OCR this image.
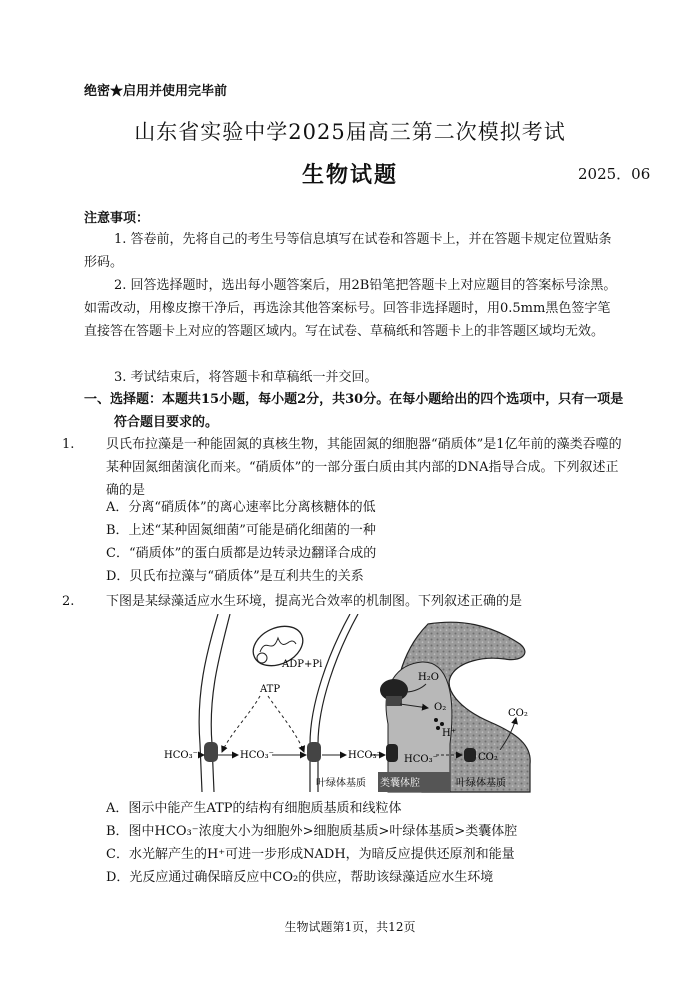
绝密★启用并使用完毕前
山东省实验中学2025届高三第二次模拟考试
生物试题	2025．06
注意事项：
1. 答卷前，先将自己的考生号等信息填写在试卷和答题卡上，并在答题卡规定位置贴条形码。
2. 回答选择题时，选出每小题答案后，用2B铅笔把答题卡上对应题目的答案标号涂黑。如需改动，用橡皮擦干净后，再选涂其他答案标号。回答非选择题时，用0.5mm黑色签字笔直接答在答题卡上对应的答题区域内。写在试卷、草稿纸和答题卡上的非答题区域均无效。
3. 考试结束后，将答题卡和草稿纸一并交回。
一、选择题：本题共15小题，每小题2分，共30分。在每小题给出的四个选项中，只有一项是符合题目要求的。
1. 贝氏布拉藻是一种能固氮的真核生物，其能固氮的细胞器“硝质体”是1亿年前的藻类吞噬的某种固氮细菌演化而来。“硝质体”的一部分蛋白质由其内部的DNA指导合成。下列叙述正确的是
A．分离“硝质体”的离心速率比分离核糖体的低
B．上述“某种固氮细菌”可能是硝化细菌的一种
C．“硝质体”的蛋白质都是边转录边翻译合成的
D．贝氏布拉藻与“硝质体”是互利共生的关系
2. 下图是某绿藻适应水生环境，提高光合效率的机制图。下列叙述正确的是
ADP+Pi
ATP
H₂O
O₂
H⁺
HCO₃⁻	HCO₃⁻	HCO₃⁻ HCO₃⁻	CO₂
CO₂
叶绿体基质 类囊体腔	叶绿体基质
A．图示中能产生ATP的结构有细胞质基质和线粒体
B．图中HCO₃⁻浓度大小为细胞外>细胞质基质>叶绿体基质>类囊体腔
C．水光解产生的H⁺可进一步形成NADH，为暗反应提供还原剂和能量
D．光反应通过确保暗反应中CO₂的供应，帮助该绿藻适应水生环境
生物试题第1页，共12页
